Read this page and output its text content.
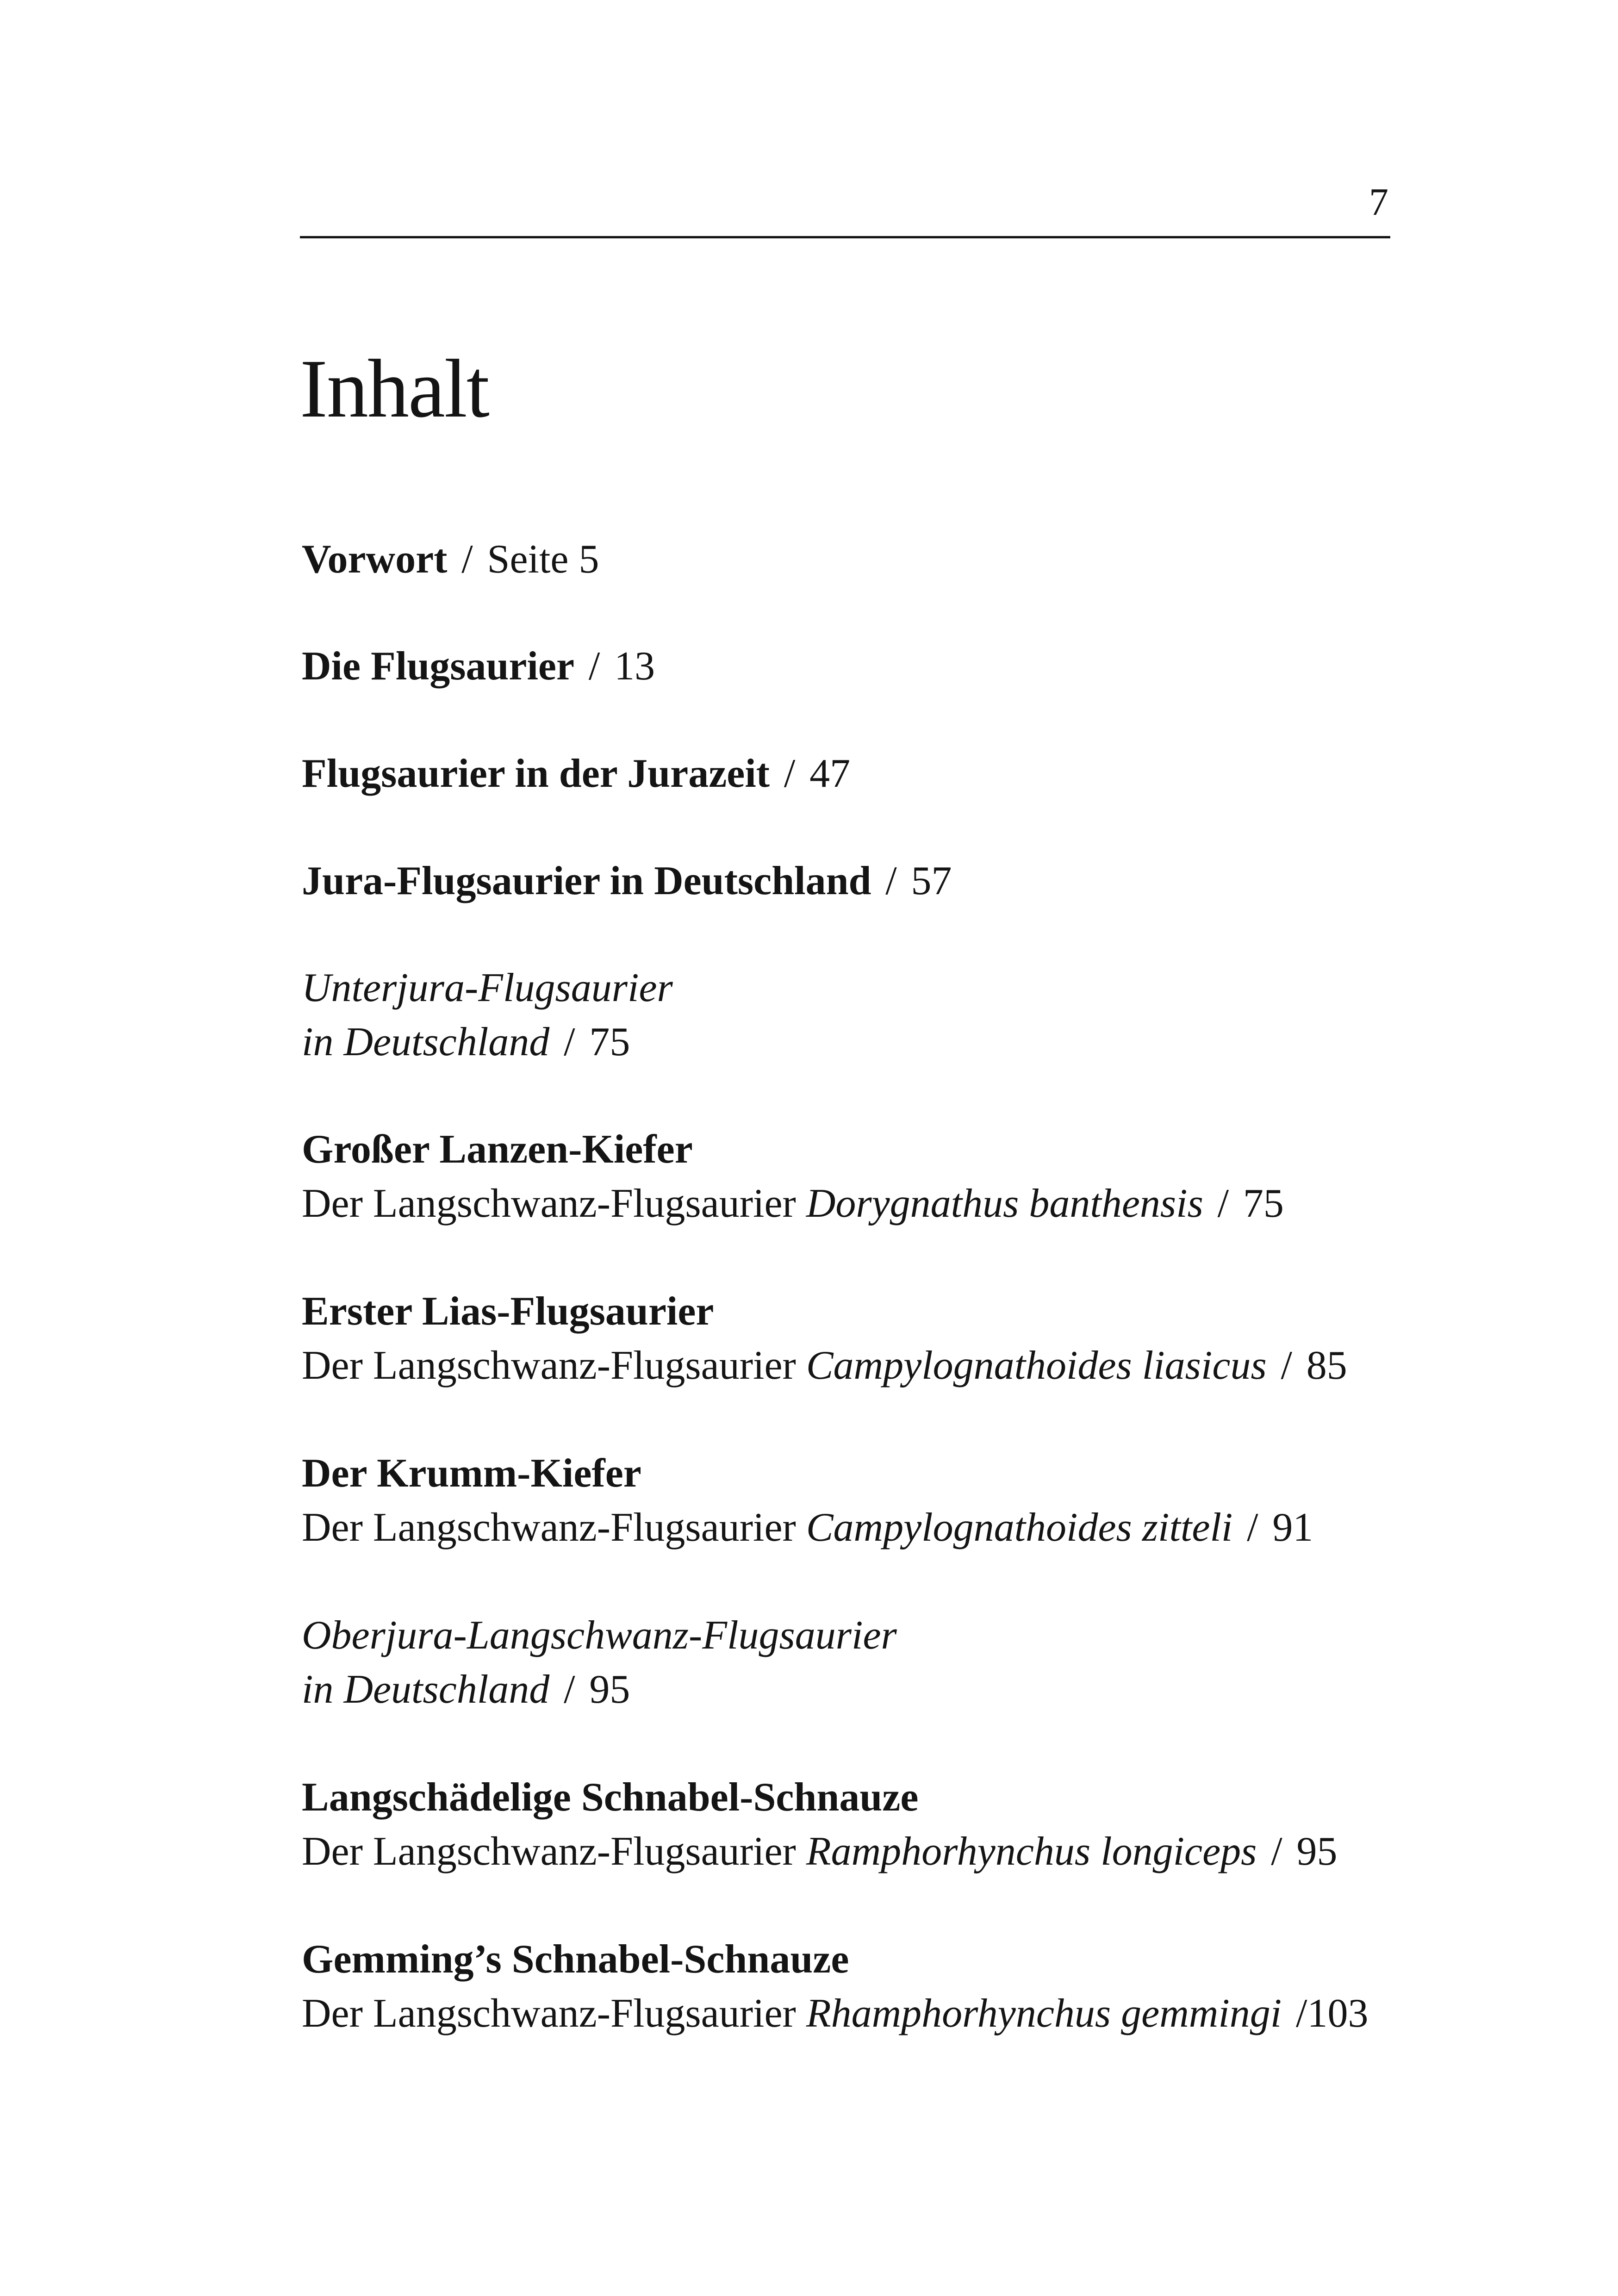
7
Inhalt
Vorwort / Seite 5
Die Flugsaurier / 13
Flugsaurier in der Jurazeit / 47
Jura-Flugsaurier in Deutschland / 57
Unterjura-Flugsaurier
in Deutschland / 75
Großer Lanzen-Kiefer
Der Langschwanz-Flugsaurier Dorygnathus banthensis / 75
Erster Lias-Flugsaurier
Der Langschwanz-Flugsaurier Campylognathoides liasicus / 85
Der Krumm-Kiefer
Der Langschwanz-Flugsaurier Campylognathoides zitteli / 91
Oberjura-Langschwanz-Flugsaurier
in Deutschland / 95
Langschädelige Schnabel-Schnauze
Der Langschwanz-Flugsaurier Ramphorhynchus longiceps / 95
Gemming’s Schnabel-Schnauze
Der Langschwanz-Flugsaurier Rhamphorhynchus gemmingi /103
